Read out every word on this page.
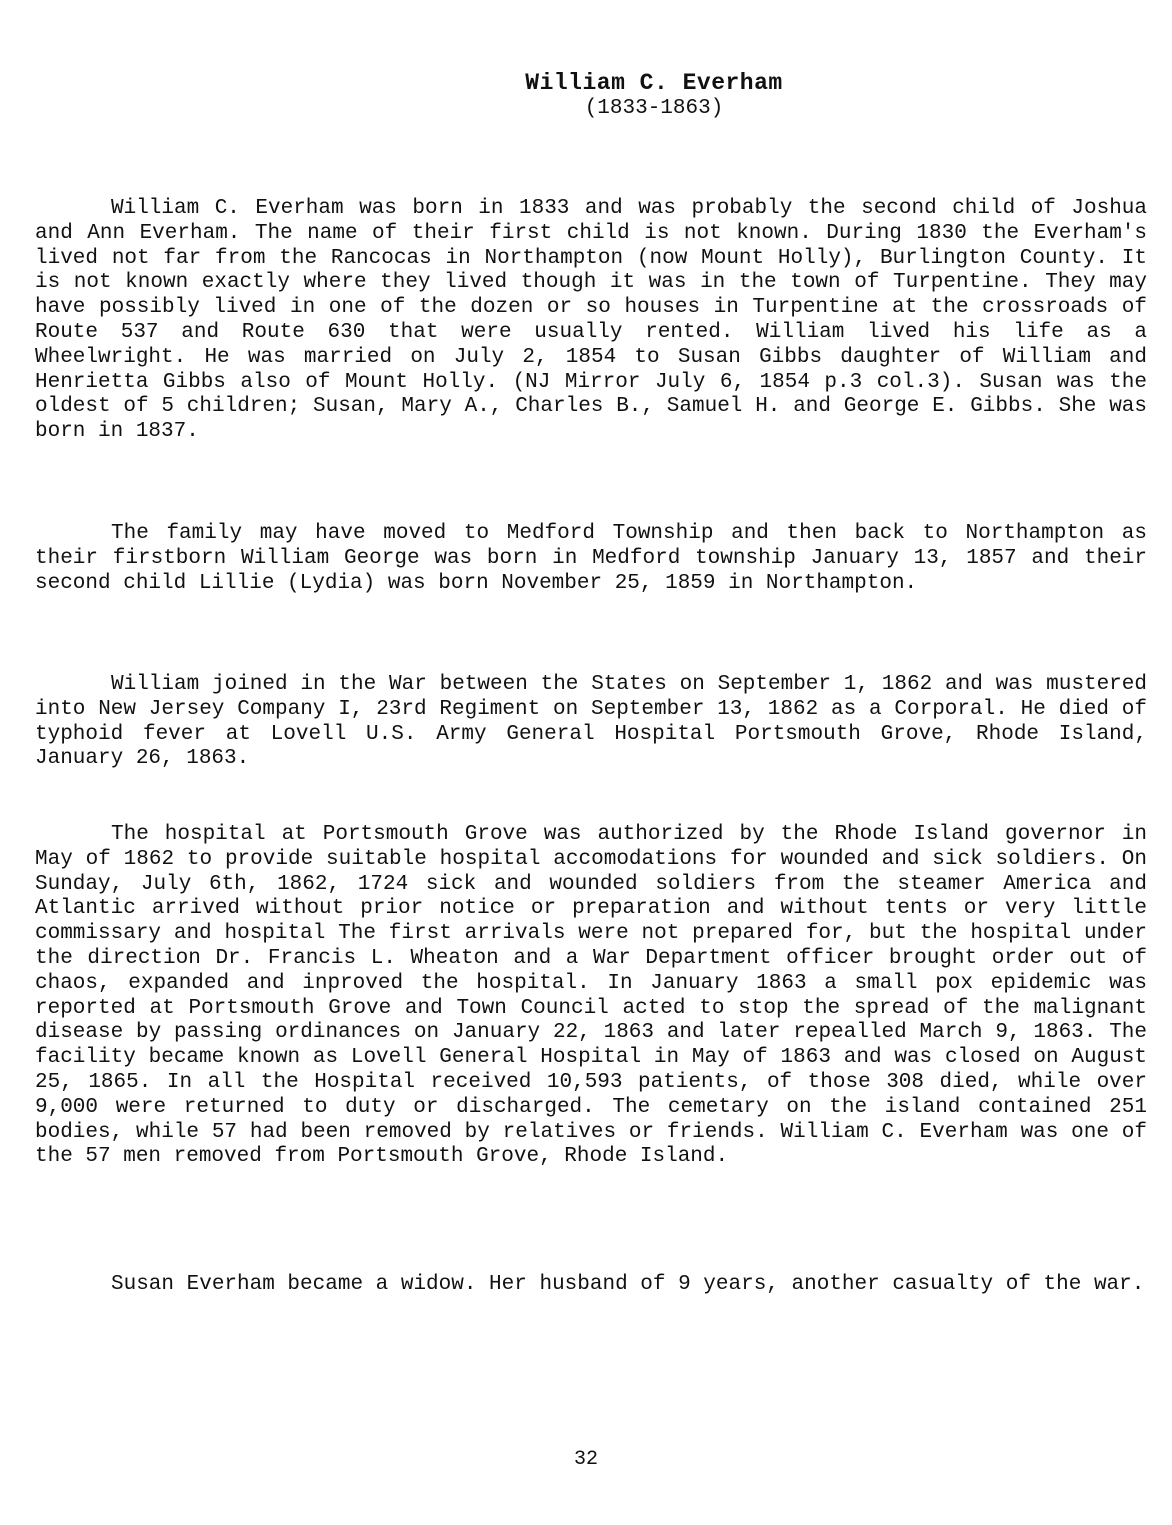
William C. Everham
(1833-1863)

William C. Everham was born in 1833 and was probably the second child of Joshua and Ann Everham. The name of their first child is not known. During 1830 the Everham's lived not far from the Rancocas in Northampton (now Mount Holly), Burlington County. It is not known exactly where they lived though it was in the town of Turpentine. They may have possibly lived in one of the dozen or so houses in Turpentine at the crossroads of Route 537 and Route 630 that were usually rented. William lived his life as a Wheelwright. He was married on July 2, 1854 to Susan Gibbs daughter of William and Henrietta Gibbs also of Mount Holly. (NJ Mirror July 6, 1854 p.3 col.3). Susan was the oldest of 5 children; Susan, Mary A., Charles B., Samuel H. and George E. Gibbs. She was born in 1837.

The family may have moved to Medford Township and then back to Northampton as their firstborn William George was born in Medford township January 13, 1857 and their second child Lillie (Lydia) was born November 25, 1859 in Northampton.

William joined in the War between the States on September 1, 1862 and was mustered into New Jersey Company I, 23rd Regiment on September 13, 1862 as a Corporal. He died of typhoid fever at Lovell U.S. Army General Hospital Portsmouth Grove, Rhode Island, January 26, 1863.

The hospital at Portsmouth Grove was authorized by the Rhode Island governor in May of 1862 to provide suitable hospital accomodations for wounded and sick soldiers. On Sunday, July 6th, 1862, 1724 sick and wounded soldiers from the steamer America and Atlantic arrived without prior notice or preparation and without tents or very little commissary and hospital The first arrivals were not prepared for, but the hospital under the direction Dr. Francis L. Wheaton and a War Department officer brought order out of chaos, expanded and inproved the hospital. In January 1863 a small pox epidemic was reported at Portsmouth Grove and Town Council acted to stop the spread of the malignant disease by passing ordinances on January 22, 1863 and later repealled March 9, 1863. The facility became known as Lovell General Hospital in May of 1863 and was closed on August 25, 1865. In all the Hospital received 10,593 patients, of those 308 died, while over 9,000 were returned to duty or discharged. The cemetary on the island contained 251 bodies, while 57 had been removed by relatives or friends. William C. Everham was one of the 57 men removed from Portsmouth Grove, Rhode Island.

Susan Everham became a widow. Her husband of 9 years, another casualty of the war.

32
